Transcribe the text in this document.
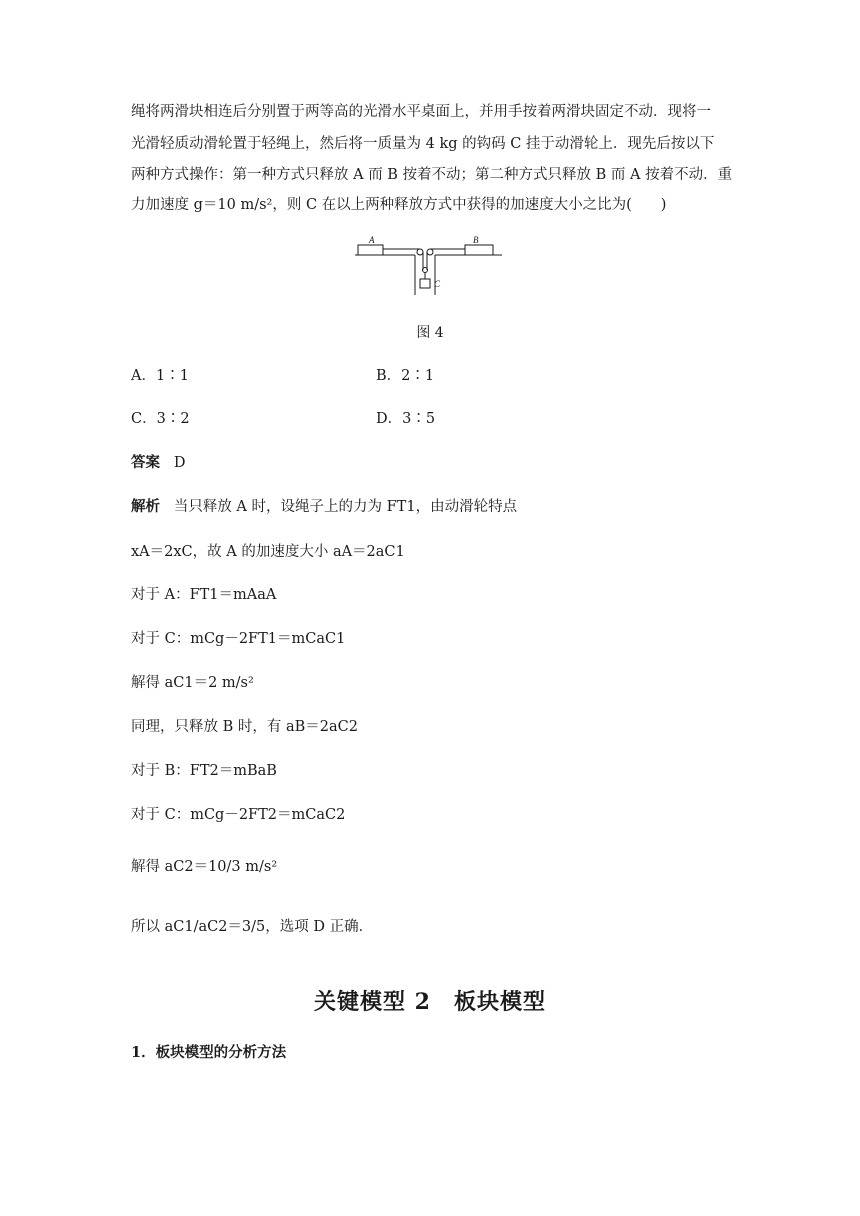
绳将两滑块相连后分别置于两等高的光滑水平桌面上，并用手按着两滑块固定不动．现将一
光滑轻质动滑轮置于轻绳上，然后将一质量为 4 kg 的钩码 C 挂于动滑轮上．现先后按以下
两种方式操作：第一种方式只释放 A 而 B 按着不动；第二种方式只释放 B 而 A 按着不动．重
力加速度 g＝10 m/s²，则 C 在以上两种释放方式中获得的加速度大小之比为(　　)
A	B
C
图 4
A．1∶1	B．2∶1
C．3∶2	D．3∶5
答案 D
解析 当只释放 A 时，设绳子上的力为 FT1，由动滑轮特点
xA＝2xC，故 A 的加速度大小 aA＝2aC1
对于 A：FT1＝mAaA
对于 C：mCg－2FT1＝mCaC1
解得 aC1＝2 m/s²
同理，只释放 B 时，有 aB＝2aC2
对于 B：FT2＝mBaB
对于 C：mCg－2FT2＝mCaC2
解得 aC2＝10/3 m/s²
所以 aC1/aC2＝3/5，选项 D 正确．
关键模型 2　板块模型
1．板块模型的分析方法
